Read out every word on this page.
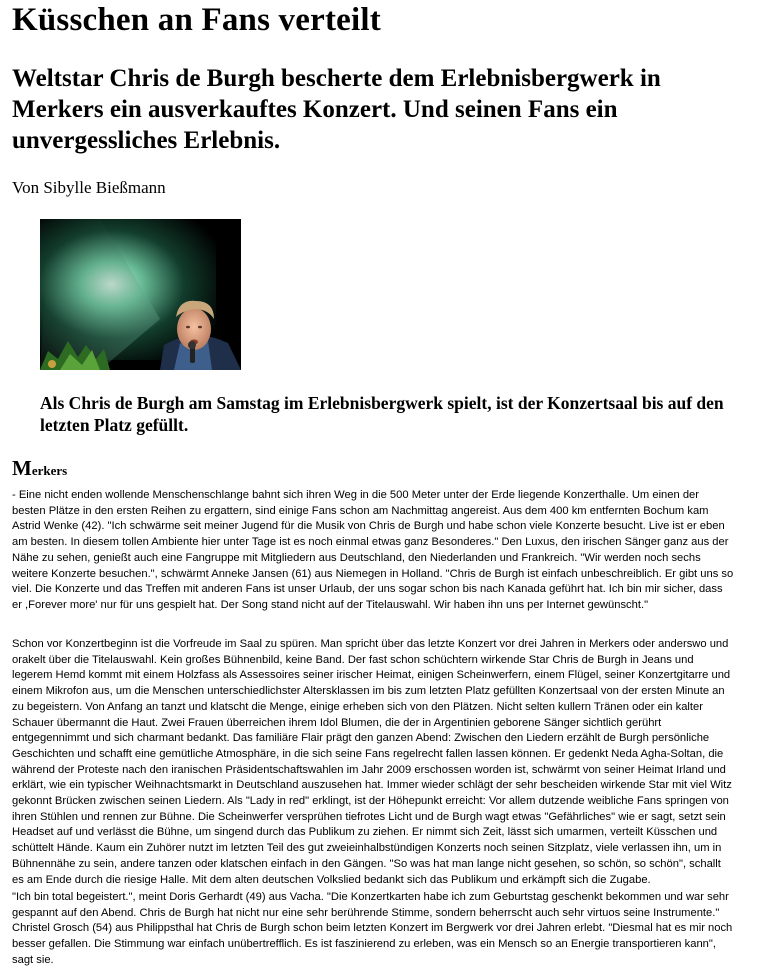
Küsschen an Fans verteilt
Weltstar Chris de Burgh bescherte dem Erlebnisbergwerk in Merkers ein ausverkauftes Konzert. Und seinen Fans ein unvergessliches Erlebnis.
Von Sibylle Bießmann
Als Chris de Burgh am Samstag im Erlebnisbergwerk spielt, ist der Konzertsaal bis auf den letzten Platz gefüllt.
Merkers
- Eine nicht enden wollende Menschenschlange bahnt sich ihren Weg in die 500 Meter unter der Erde liegende Konzerthalle. Um einen der besten Plätze in den ersten Reihen zu ergattern, sind einige Fans schon am Nachmittag angereist. Aus dem 400 km entfernten Bochum kam Astrid Wenke (42). "Ich schwärme seit meiner Jugend für die Musik von Chris de Burgh und habe schon viele Konzerte besucht. Live ist er eben am besten. In diesem tollen Ambiente hier unter Tage ist es noch einmal etwas ganz Besonderes." Den Luxus, den irischen Sänger ganz aus der Nähe zu sehen, genießt auch eine Fangruppe mit Mitgliedern aus Deutschland, den Niederlanden und Frankreich. "Wir werden noch sechs weitere Konzerte besuchen.", schwärmt Anneke Jansen (61) aus Niemegen in Holland. "Chris de Burgh ist einfach unbeschreiblich. Er gibt uns so viel. Die Konzerte und das Treffen mit anderen Fans ist unser Urlaub, der uns sogar schon bis nach Kanada geführt hat. Ich bin mir sicher, dass er ,Forever more' nur für uns gespielt hat. Der Song stand nicht auf der Titelauswahl. Wir haben ihn uns per Internet gewünscht."
Schon vor Konzertbeginn ist die Vorfreude im Saal zu spüren. Man spricht über das letzte Konzert vor drei Jahren in Merkers oder anderswo und orakelt über die Titelauswahl. Kein großes Bühnenbild, keine Band. Der fast schon schüchtern wirkende Star Chris de Burgh in Jeans und legerem Hemd kommt mit einem Holzfass als Assessoires seiner irischer Heimat, einigen Scheinwerfern, einem Flügel, seiner Konzertgitarre und einem Mikrofon aus, um die Menschen unterschiedlichster Altersklassen im bis zum letzten Platz gefüllten Konzertsaal von der ersten Minute an zu begeistern. Von Anfang an tanzt und klatscht die Menge, einige erheben sich von den Plätzen. Nicht selten kullern Tränen oder ein kalter Schauer übermannt die Haut. Zwei Frauen überreichen ihrem Idol Blumen, die der in Argentinien geborene Sänger sichtlich gerührt entgegennimmt und sich charmant bedankt. Das familiäre Flair prägt den ganzen Abend: Zwischen den Liedern erzählt de Burgh persönliche Geschichten und schafft eine gemütliche Atmosphäre, in die sich seine Fans regelrecht fallen lassen können. Er gedenkt Neda Agha-Soltan, die während der Proteste nach den iranischen Präsidentschaftswahlen im Jahr 2009 erschossen worden ist, schwärmt von seiner Heimat Irland und erklärt, wie ein typischer Weihnachtsmarkt in Deutschland auszusehen hat. Immer wieder schlägt der sehr bescheiden wirkende Star mit viel Witz gekonnt Brücken zwischen seinen Liedern. Als "Lady in red" erklingt, ist der Höhepunkt erreicht: Vor allem dutzende weibliche Fans springen von ihren Stühlen und rennen zur Bühne. Die Scheinwerfer versprühen tiefrotes Licht und de Burgh wagt etwas "Gefährliches" wie er sagt, setzt sein Headset auf und verlässt die Bühne, um singend durch das Publikum zu ziehen. Er nimmt sich Zeit, lässt sich umarmen, verteilt Küsschen und schüttelt Hände. Kaum ein Zuhörer nutzt im letzten Teil des gut zweieinhalbstündigen Konzerts noch seinen Sitzplatz, viele verlassen ihn, um in Bühnennähe zu sein, andere tanzen oder klatschen einfach in den Gängen. "So was hat man lange nicht gesehen, so schön, so schön", schallt es am Ende durch die riesige Halle. Mit dem alten deutschen Volkslied bedankt sich das Publikum und erkämpft sich die Zugabe.
"Ich bin total begeistert.", meint Doris Gerhardt (49) aus Vacha. "Die Konzertkarten habe ich zum Geburtstag geschenkt bekommen und war sehr gespannt auf den Abend. Chris de Burgh hat nicht nur eine sehr berührende Stimme, sondern beherrscht auch sehr virtuos seine Instrumente." Christel Grosch (54) aus Philippsthal hat Chris de Burgh schon beim letzten Konzert im Bergwerk vor drei Jahren erlebt. "Diesmal hat es mir noch besser gefallen. Die Stimmung war einfach unübertrefflich. Es ist faszinierend zu erleben, was ein Mensch so an Energie transportieren kann", sagt sie.
